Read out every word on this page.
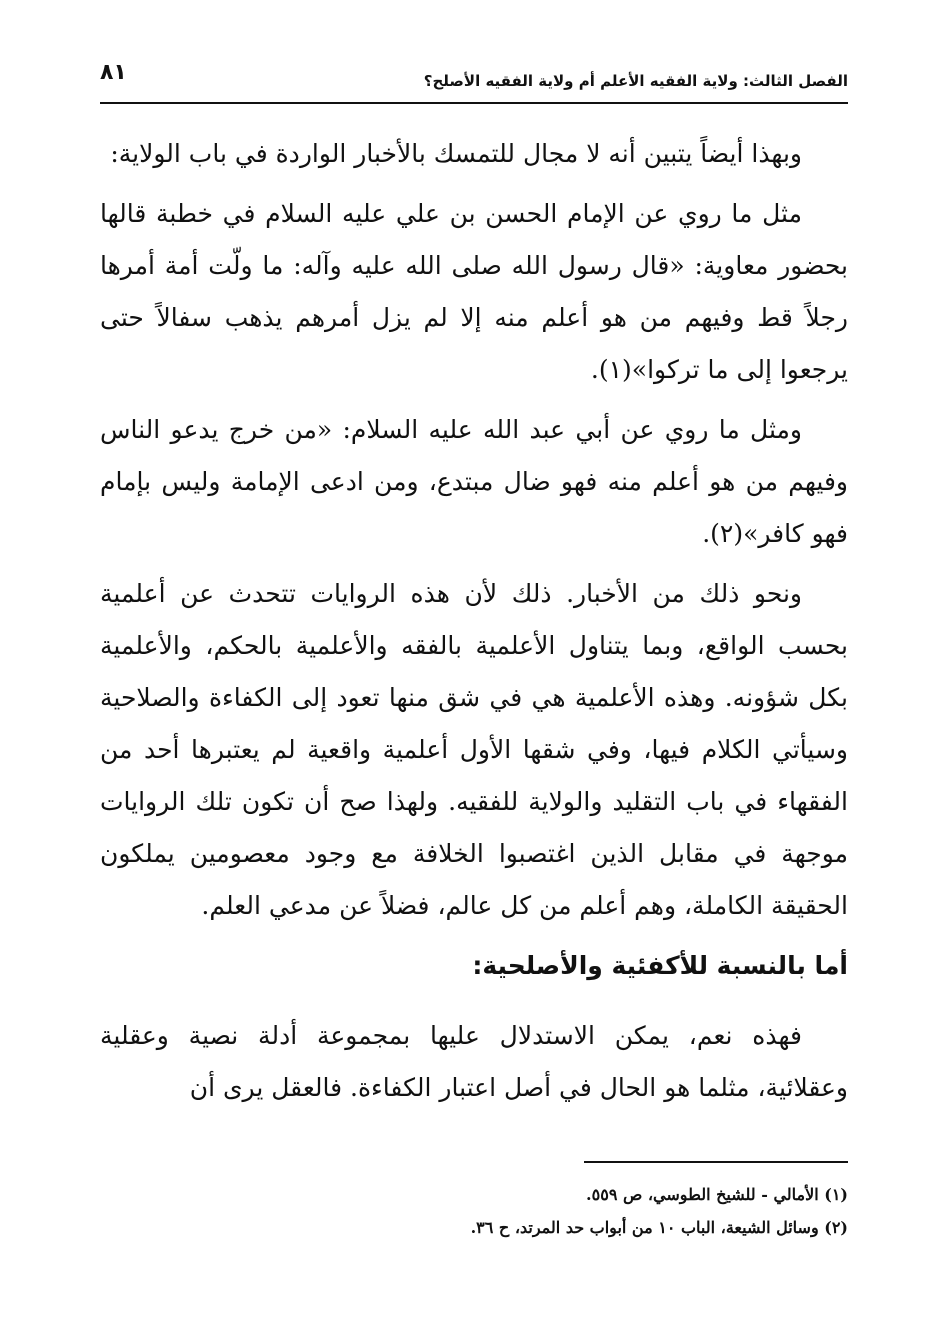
الفصل الثالث: ولاية الفقيه الأعلم أم ولاية الفقيه الأصلح؟
٨١

وبهذا أيضاً يتبين أنه لا مجال للتمسك بالأخبار الواردة في باب الولاية:

مثل ما روي عن الإمام الحسن بن علي عليه السلام في خطبة قالها بحضور معاوية: «قال رسول الله صلى الله عليه وآله: ما ولّت أمة أمرها رجلاً قط وفيهم من هو أعلم منه إلا لم يزل أمرهم يذهب سفالاً حتى يرجعوا إلى ما تركوا»(١).

ومثل ما روي عن أبي عبد الله عليه السلام: «من خرج يدعو الناس وفيهم من هو أعلم منه فهو ضال مبتدع، ومن ادعى الإمامة وليس بإمام فهو كافر»(٢).

ونحو ذلك من الأخبار. ذلك لأن هذه الروايات تتحدث عن أعلمية بحسب الواقع، وبما يتناول الأعلمية بالفقه والأعلمية بالحكم، والأعلمية بكل شؤونه. وهذه الأعلمية هي في شق منها تعود إلى الكفاءة والصلاحية وسيأتي الكلام فيها، وفي شقها الأول أعلمية واقعية لم يعتبرها أحد من الفقهاء في باب التقليد والولاية للفقيه. ولهذا صح أن تكون تلك الروايات موجهة في مقابل الذين اغتصبوا الخلافة مع وجود معصومين يملكون الحقيقة الكاملة، وهم أعلم من كل عالم، فضلاً عن مدعي العلم.

أما بالنسبة للأكفئية والأصلحية:

فهذه نعم، يمكن الاستدلال عليها بمجموعة أدلة نصية وعقلية وعقلائية، مثلما هو الحال في أصل اعتبار الكفاءة. فالعقل يرى أن

(١) الأمالي - للشيخ الطوسي، ص ٥٥٩.
(٢) وسائل الشيعة، الباب ١٠ من أبواب حد المرتد، ح ٣٦.
